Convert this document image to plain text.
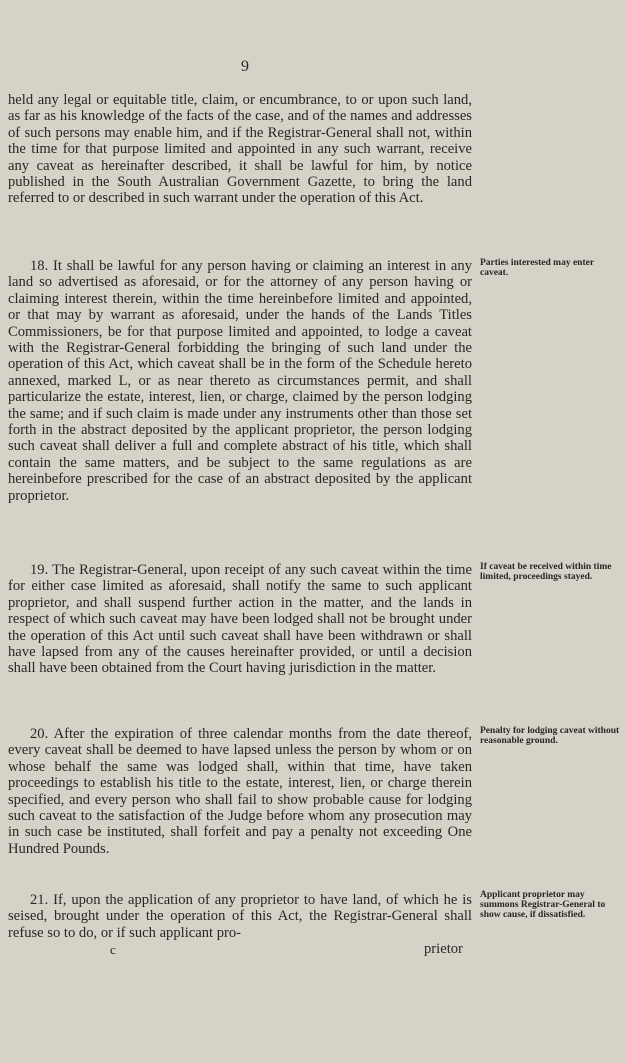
9

held any legal or equitable title, claim, or encumbrance, to or upon such land, as far as his knowledge of the facts of the case, and of the names and addresses of such persons may enable him, and if the Registrar-General shall not, within the time for that purpose limited and appointed in any such warrant, receive any caveat as hereinafter described, it shall be lawful for him, by notice published in the South Australian Government Gazette, to bring the land referred to or described in such warrant under the operation of this Act.

18. It shall be lawful for any person having or claiming an interest in any land so advertised as aforesaid, or for the attorney of any person having or claiming interest therein, within the time hereinbefore limited and appointed, or that may by warrant as aforesaid, under the hands of the Lands Titles Commissioners, be for that purpose limited and appointed, to lodge a caveat with the Registrar-General forbidding the bringing of such land under the operation of this Act, which caveat shall be in the form of the Schedule hereto annexed, marked L, or as near thereto as circumstances permit, and shall particularize the estate, interest, lien, or charge, claimed by the person lodging the same; and if such claim is made under any instruments other than those set forth in the abstract deposited by the applicant proprietor, the person lodging such caveat shall deliver a full and complete abstract of his title, which shall contain the same matters, and be subject to the same regulations as are hereinbefore prescribed for the case of an abstract deposited by the applicant proprietor.

19. The Registrar-General, upon receipt of any such caveat within the time for either case limited as aforesaid, shall notify the same to such applicant proprietor, and shall suspend further action in the matter, and the lands in respect of which such caveat may have been lodged shall not be brought under the operation of this Act until such caveat shall have been withdrawn or shall have lapsed from any of the causes hereinafter provided, or until a decision shall have been obtained from the Court having jurisdiction in the matter.

20. After the expiration of three calendar months from the date thereof, every caveat shall be deemed to have lapsed unless the person by whom or on whose behalf the same was lodged shall, within that time, have taken proceedings to establish his title to the estate, interest, lien, or charge therein specified, and every person who shall fail to show probable cause for lodging such caveat to the satisfaction of the Judge before whom any prosecution may in such case be instituted, shall forfeit and pay a penalty not exceeding One Hundred Pounds.

21. If, upon the application of any proprietor to have land, of which he is seised, brought under the operation of this Act, the Registrar-General shall refuse so to do, or if such applicant pro-

Parties interested may enter caveat.
If caveat be received within time limited, proceedings stayed.
Penalty for lodging caveat without reasonable ground.
Applicant proprietor may summons Registrar-General to show cause, if dissatisfied.
c	prietor
